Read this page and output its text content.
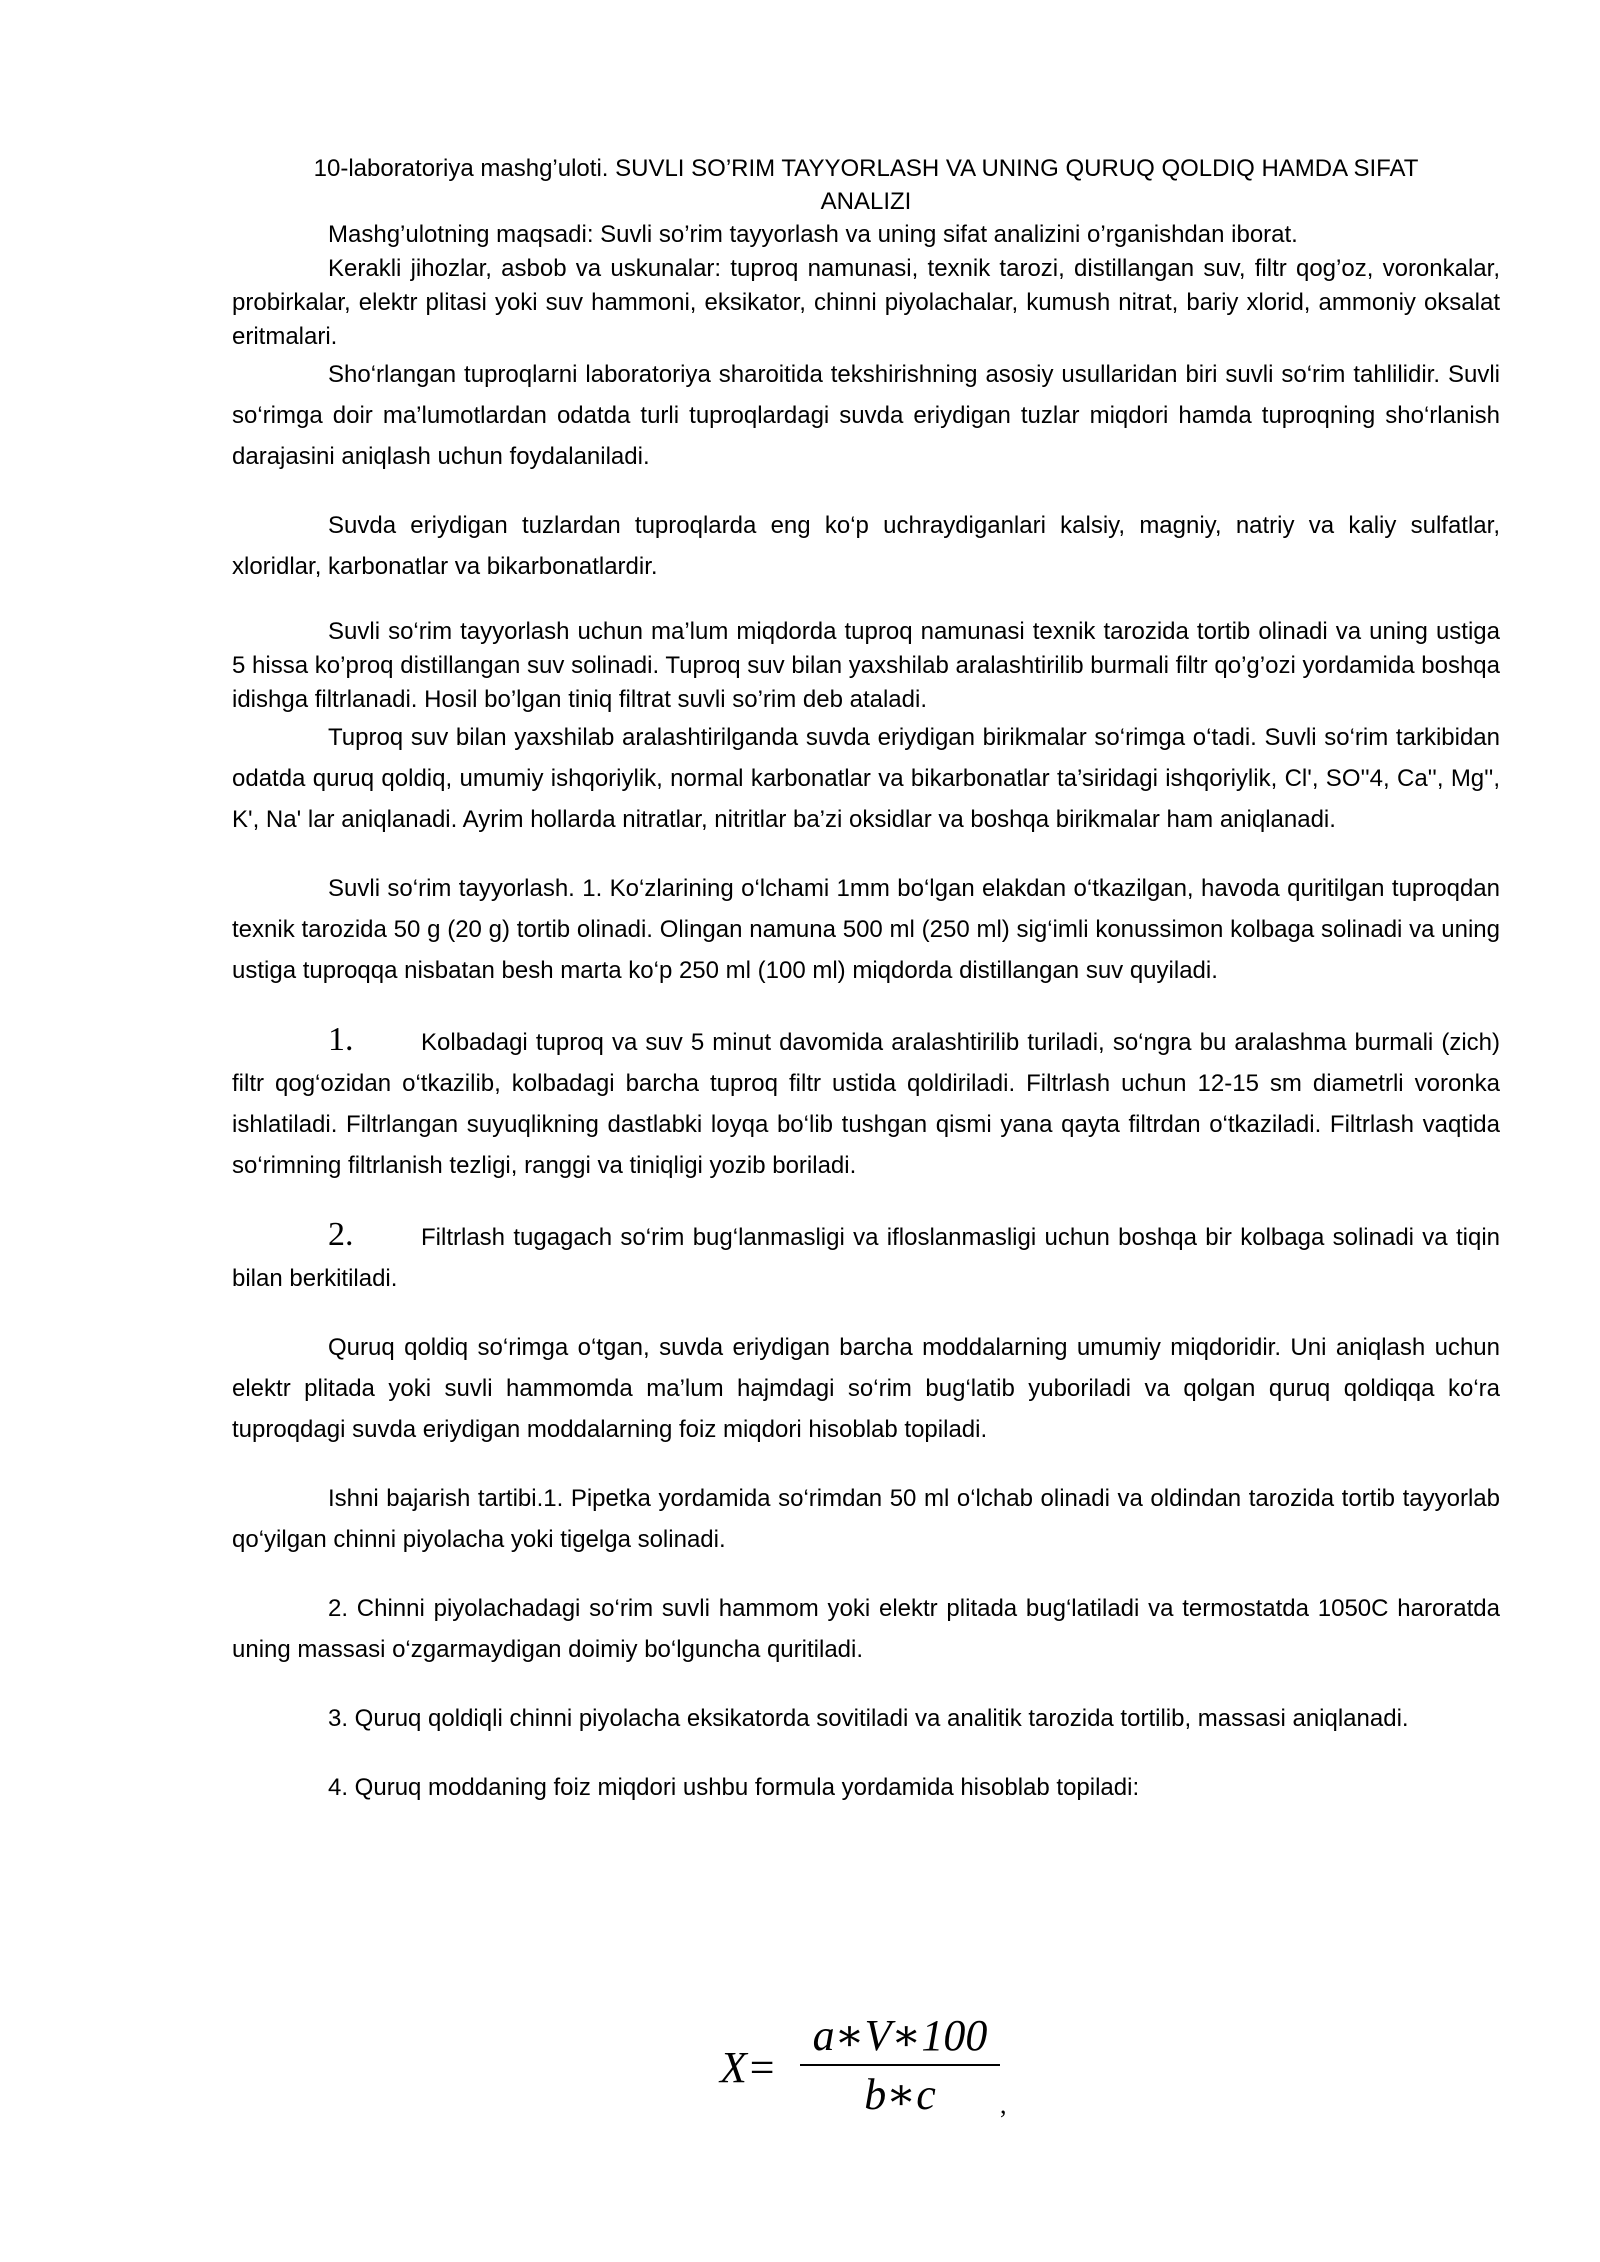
10-laboratoriya mashg’uloti. SUVLI SO’RIM TAYYORLASH VA UNING QURUQ QOLDIQ HAMDA SIFAT
ANALIZI

Mashg’ulotning maqsadi: Suvli so’rim tayyorlash va uning sifat analizini o’rganishdan iborat.

Kerakli jihozlar, asbob va uskunalar: tuproq namunasi, texnik tarozi, distillangan suv, filtr qog’oz, voronkalar, probirkalar, elektr plitasi yoki suv hammoni, eksikator, chinni piyolachalar, kumush nitrat, bariy xlorid, ammoniy oksalat eritmalari.

Sho‘rlangan tuproqlarni laboratoriya sharoitida tekshirishning asosiy usullaridan biri suvli so‘rim tahlilidir. Suvli so‘rimga doir ma’lumotlardan odatda turli tuproqlardagi suvda eriydigan tuzlar miqdori hamda tuproqning sho‘rlanish darajasini aniqlash uchun foydalaniladi.

Suvda eriydigan tuzlardan tuproqlarda eng ko‘p uchraydiganlari kalsiy, magniy, natriy va kaliy sulfatlar, xloridlar, karbonatlar va bikarbonatlardir.

Suvli so‘rim tayyorlash uchun ma’lum miqdorda tuproq namunasi texnik tarozida tortib olinadi va uning ustiga 5 hissa ko’proq distillangan suv solinadi. Tuproq suv bilan yaxshilab aralashtirilib burmali filtr qo’g’ozi yordamida boshqa idishga filtrlanadi. Hosil bo’lgan tiniq filtrat suvli so’rim deb ataladi.

Tuproq suv bilan yaxshilab aralashtirilganda suvda eriydigan birikmalar so‘rimga o‘tadi. Suvli so‘rim tarkibidan odatda quruq qoldiq, umumiy ishqoriylik, normal karbonatlar va bikarbonatlar ta’siridagi ishqoriylik, Cl', SO''4, Ca'', Mg'', K', Na' lar aniqlanadi. Ayrim hollarda nitratlar, nitritlar ba’zi oksidlar va boshqa birikmalar ham aniqlanadi.

Suvli so‘rim tayyorlash. 1. Ko‘zlarining o‘lchami 1mm bo‘lgan elakdan o‘tkazilgan, havoda quritilgan tuproqdan texnik tarozida 50 g (20 g) tortib olinadi. Olingan namuna 500 ml (250 ml) sig‘imli konussimon kolbaga solinadi va uning ustiga tuproqqa nisbatan besh marta ko‘p 250 ml (100 ml) miqdorda distillangan suv quyiladi.

1.	Kolbadagi tuproq va suv 5 minut davomida aralashtirilib turiladi, so‘ngra bu aralashma burmali (zich) filtr qog‘ozidan o‘tkazilib, kolbadagi barcha tuproq filtr ustida qoldiriladi. Filtrlash uchun 12-15 sm diametrli voronka ishlatiladi. Filtrlangan suyuqlikning dastlabki loyqa bo‘lib tushgan qismi yana qayta filtrdan o‘tkaziladi. Filtrlash vaqtida so‘rimning filtrlanish tezligi, ranggi va tiniqligi yozib boriladi.

2.	Filtrlash tugagach so‘rim bug‘lanmasligi va ifloslanmasligi uchun boshqa bir kolbaga solinadi va tiqin bilan berkitiladi.

Quruq qoldiq so‘rimga o‘tgan, suvda eriydigan barcha moddalarning umumiy miqdoridir. Uni aniqlash uchun elektr plitada yoki suvli hammomda ma’lum hajmdagi so‘rim bug‘latib yuboriladi va qolgan quruq qoldiqqa ko‘ra tuproqdagi suvda eriydigan moddalarning foiz miqdori hisoblab topiladi.

Ishni bajarish tartibi.1. Pipetka yordamida so‘rimdan 50 ml o‘lchab olinadi va oldindan tarozida tortib tayyorlab qo‘yilgan chinni piyolacha yoki tigelga solinadi.

2. Chinni piyolachadagi so‘rim suvli hammom yoki elektr plitada bug‘latiladi va termostatda 1050C haroratda uning massasi o‘zgarmaydigan doimiy bo‘lguncha quritiladi.

3. Quruq qoldiqli chinni piyolacha eksikatorda sovitiladi va analitik tarozida tortilib, massasi aniqlanadi.

4. Quruq moddaning foiz miqdori ushbu formula yordamida hisoblab topiladi:

X=
a∗V∗100
b∗c	,
